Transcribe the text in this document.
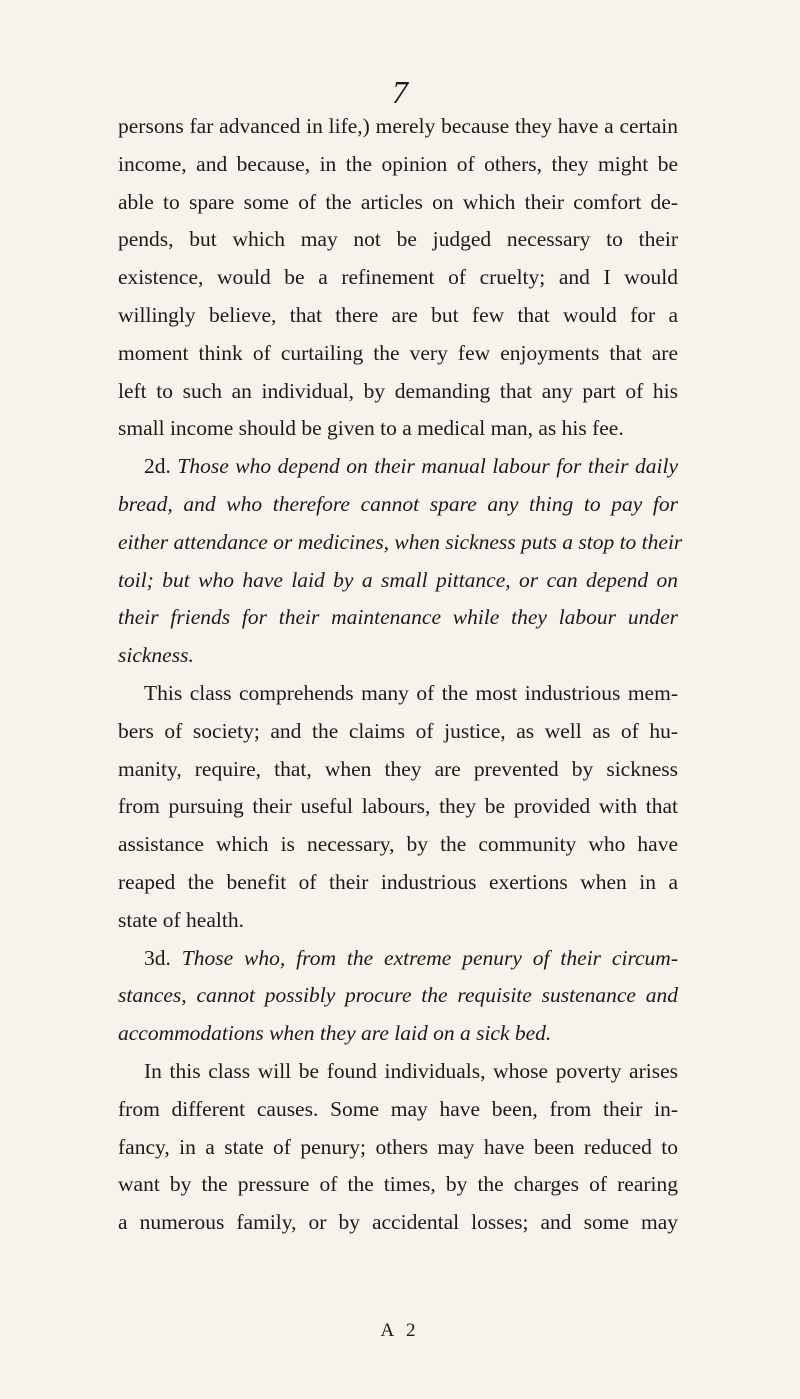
7
persons far advanced in life,) merely because they have a certain
income, and because, in the opinion of others, they might be
able to spare some of the articles on which their comfort de-
pends, but which may not be judged necessary to their
existence, would be a refinement of cruelty; and I would
willingly believe, that there are but few that would for a
moment think of curtailing the very few enjoyments that are
left to such an individual, by demanding that any part of his
small income should be given to a medical man, as his fee.
2d. Those who depend on their manual labour for their daily
bread, and who therefore cannot spare any thing to pay for
either attendance or medicines, when sickness puts a stop to their
toil; but who have laid by a small pittance, or can depend on
their friends for their maintenance while they labour under
sickness.
This class comprehends many of the most industrious mem-
bers of society; and the claims of justice, as well as of hu-
manity, require, that, when they are prevented by sickness
from pursuing their useful labours, they be provided with that
assistance which is necessary, by the community who have
reaped the benefit of their industrious exertions when in a
state of health.
3d. Those who, from the extreme penury of their circum-
stances, cannot possibly procure the requisite sustenance and
accommodations when they are laid on a sick bed.
In this class will be found individuals, whose poverty arises
from different causes. Some may have been, from their in-
fancy, in a state of penury; others may have been reduced to
want by the pressure of the times, by the charges of rearing
a numerous family, or by accidental losses; and some may
A 2
